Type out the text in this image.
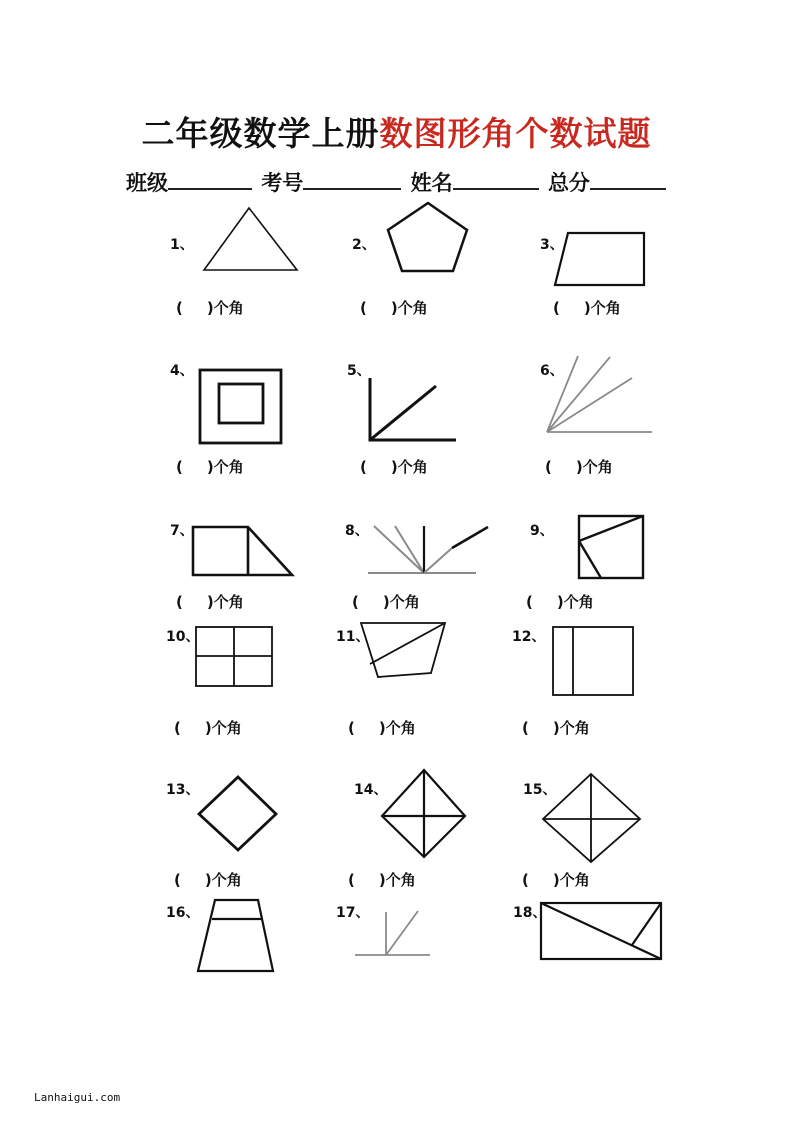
二年级数学上册数图形角个数试题
班级	考号	姓名	总分
1、	2、	3、
4、	5、	6、
7、	8、	9、
10、	11、	12、
13、	14、	15、
16、	17、	18、
( )个角	( )个角	( )个角
( )个角	( )个角	( )个角
( )个角	( )个角	( )个角
( )个角	( )个角	( )个角
( )个角	( )个角	( )个角
Lanhaigui.com
